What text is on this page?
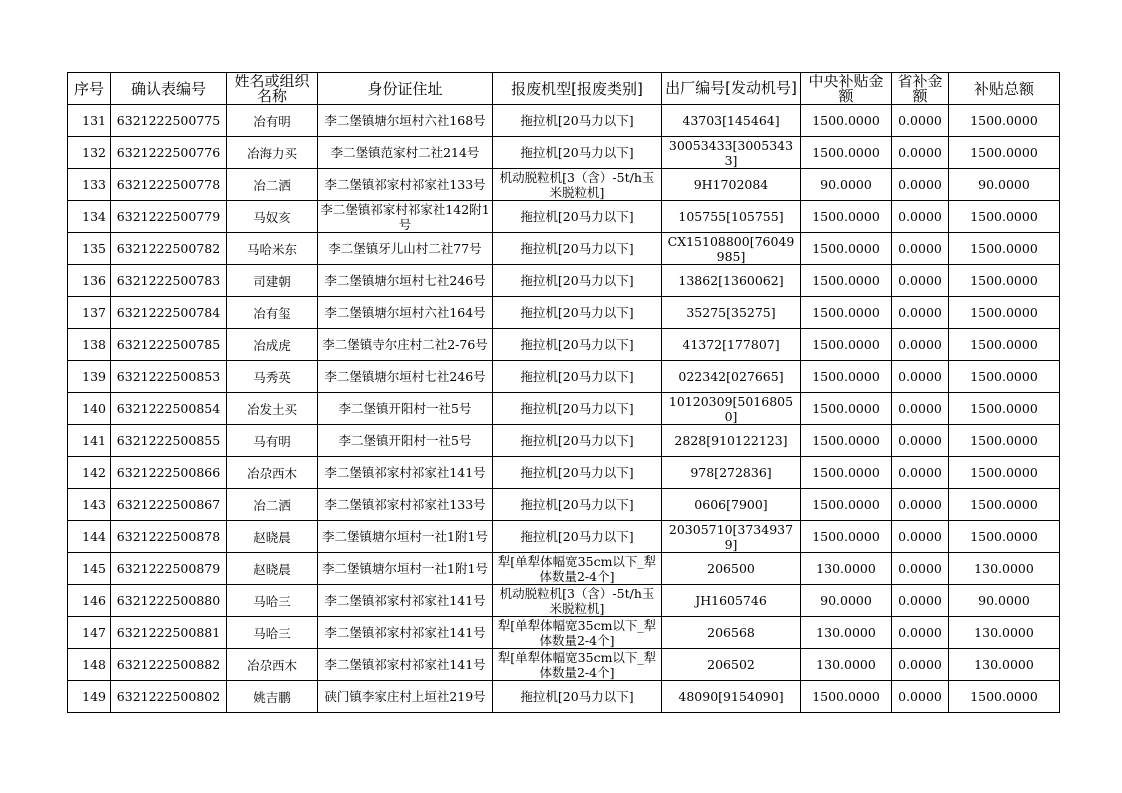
序号	确认表编号	姓名或组织名称	身份证住址	报废机型[报废类别]	出厂编号[发动机号]	中央补贴金额	省补金额	补贴总额
131	6321222500775	冶有明	李二堡镇塘尔垣村六社168号	拖拉机[20马力以下]	43703[145464]	1500.0000	0.0000	1500.0000
132	6321222500776	冶海力买	李二堡镇范家村二社214号	拖拉机[20马力以下]	30053433[30053433]	1500.0000	0.0000	1500.0000
133	6321222500778	冶二洒	李二堡镇祁家村祁家社133号	机动脱粒机[3（含）-5t/h玉米脱粒机]	9H1702084	90.0000	0.0000	90.0000
134	6321222500779	马奴亥	李二堡镇祁家村祁家社142附1号	拖拉机[20马力以下]	105755[105755]	1500.0000	0.0000	1500.0000
135	6321222500782	马哈米东	李二堡镇牙儿山村二社77号	拖拉机[20马力以下]	CX15108800[76049985]	1500.0000	0.0000	1500.0000
136	6321222500783	司建朝	李二堡镇塘尔垣村七社246号	拖拉机[20马力以下]	13862[1360062]	1500.0000	0.0000	1500.0000
137	6321222500784	冶有玺	李二堡镇塘尔垣村六社164号	拖拉机[20马力以下]	35275[35275]	1500.0000	0.0000	1500.0000
138	6321222500785	冶成虎	李二堡镇寺尔庄村二社2-76号	拖拉机[20马力以下]	41372[177807]	1500.0000	0.0000	1500.0000
139	6321222500853	马秀英	李二堡镇塘尔垣村七社246号	拖拉机[20马力以下]	022342[027665]	1500.0000	0.0000	1500.0000
140	6321222500854	冶发土买	李二堡镇开阳村一社5号	拖拉机[20马力以下]	10120309[50168050]	1500.0000	0.0000	1500.0000
141	6321222500855	马有明	李二堡镇开阳村一社5号	拖拉机[20马力以下]	2828[910122123]	1500.0000	0.0000	1500.0000
142	6321222500866	冶尕西木	李二堡镇祁家村祁家社141号	拖拉机[20马力以下]	978[272836]	1500.0000	0.0000	1500.0000
143	6321222500867	冶二洒	李二堡镇祁家村祁家社133号	拖拉机[20马力以下]	0606[7900]	1500.0000	0.0000	1500.0000
144	6321222500878	赵晓晨	李二堡镇塘尔垣村一社1附1号	拖拉机[20马力以下]	20305710[37349379]	1500.0000	0.0000	1500.0000
145	6321222500879	赵晓晨	李二堡镇塘尔垣村一社1附1号	犁[单犁体幅宽35cm以下_犁体数量2-4个]	206500	130.0000	0.0000	130.0000
146	6321222500880	马哈三	李二堡镇祁家村祁家社141号	机动脱粒机[3（含）-5t/h玉米脱粒机]	JH1605746	90.0000	0.0000	90.0000
147	6321222500881	马哈三	李二堡镇祁家村祁家社141号	犁[单犁体幅宽35cm以下_犁体数量2-4个]	206568	130.0000	0.0000	130.0000
148	6321222500882	冶尕西木	李二堡镇祁家村祁家社141号	犁[单犁体幅宽35cm以下_犁体数量2-4个]	206502	130.0000	0.0000	130.0000
149	6321222500802	姚吉鹏	硖门镇李家庄村上垣社219号	拖拉机[20马力以下]	48090[9154090]	1500.0000	0.0000	1500.0000
